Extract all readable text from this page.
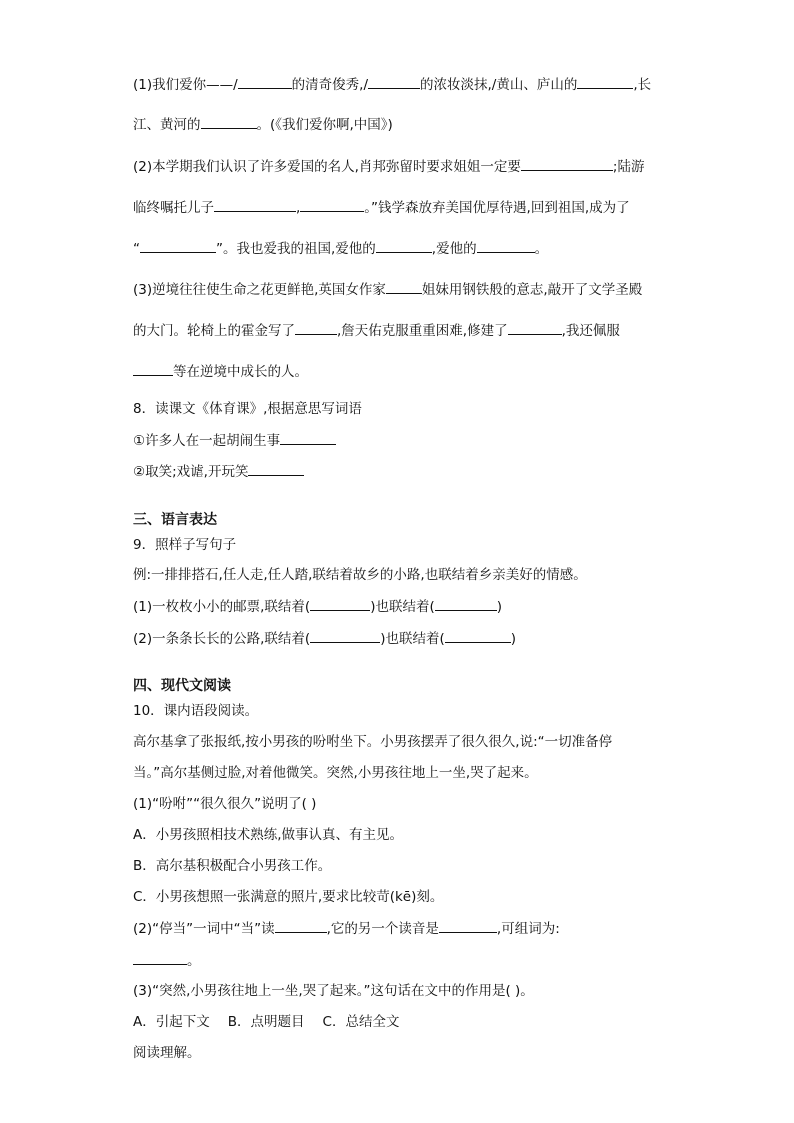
(1)我们爱你——/	的清奇俊秀,/	的浓妆淡抹,/黄山、庐山的	,长
江、黄河的	。(《我们爱你啊,中国》)
(2)本学期我们认识了许多爱国的名人,肖邦弥留时要求姐姐一定要	;陆游
临终嘱托儿子	,	。”钱学森放弃美国优厚待遇,回到祖国,成为了
“	”。我也爱我的祖国,爱他的	,爱他的	。
(3)逆境往往使生命之花更鲜艳,英国女作家	姐妹用钢铁般的意志,敲开了文学圣殿
的大门。轮椅上的霍金写了	,詹天佑克服重重困难,修建了	,我还佩服
等在逆境中成长的人。
8．读课文《体育课》,根据意思写词语
①许多人在一起胡闹生事
②取笑;戏谑,开玩笑
三、语言表达
9．照样子写句子
例:一排排搭石,任人走,任人踏,联结着故乡的小路,也联结着乡亲美好的情感。
(1)一枚枚小小的邮票,联结着(	)也联结着(	)
(2)一条条长长的公路,联结着(	)也联结着(	)
四、现代文阅读
10．课内语段阅读。
高尔基拿了张报纸,按小男孩的吩咐坐下。小男孩摆弄了很久很久,说:“一切准备停
当。”高尔基侧过脸,对着他微笑。突然,小男孩往地上一坐,哭了起来。
(1)“吩咐”“很久很久”说明了( )
A．小男孩照相技术熟练,做事认真、有主见。
B．高尔基积极配合小男孩工作。
C．小男孩想照一张满意的照片,要求比较苛(kē)刻。
(2)“停当”一词中“当”读	,它的另一个读音是	,可组词为:
。
(3)“突然,小男孩往地上一坐,哭了起来。”这句话在文中的作用是( )。
A．引起下文 B．点明题目 C．总结全文
阅读理解。
